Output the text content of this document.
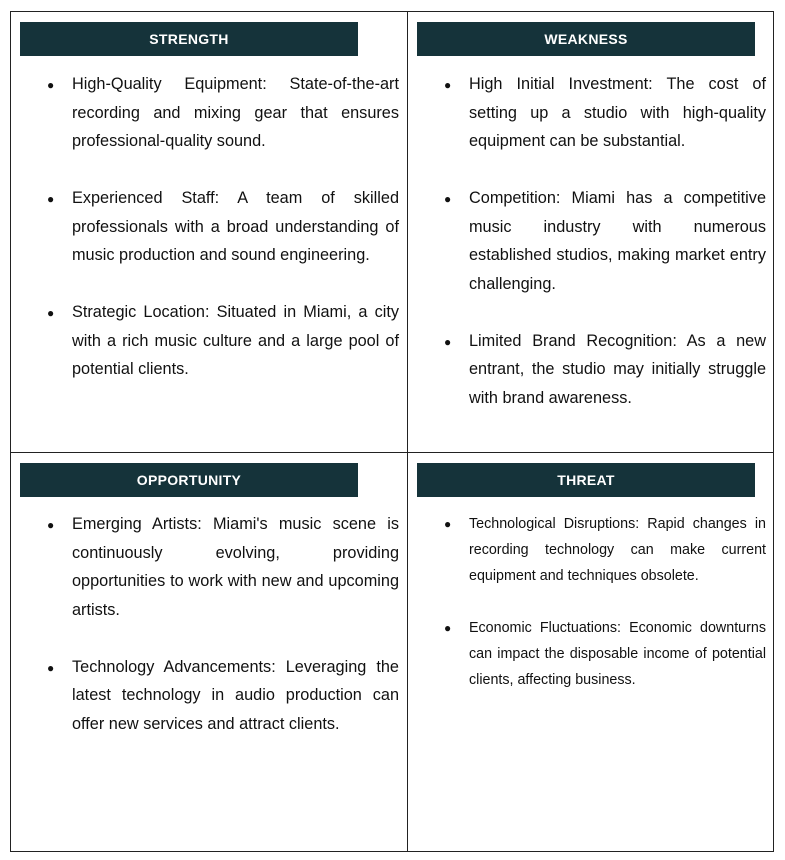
STRENGTH
● High-Quality Equipment: State-of-the-art recording and mixing gear that ensures professional-quality sound.
● Experienced Staff: A team of skilled professionals with a broad understanding of music production and sound engineering.
● Strategic Location: Situated in Miami, a city with a rich music culture and a large pool of potential clients.
WEAKNESS
● High Initial Investment: The cost of setting up a studio with high-quality equipment can be substantial.
● Competition: Miami has a competitive music industry with numerous established studios, making market entry challenging.
● Limited Brand Recognition: As a new entrant, the studio may initially struggle with brand awareness.
OPPORTUNITY
● Emerging Artists: Miami's music scene is continuously evolving, providing opportunities to work with new and upcoming artists.
● Technology Advancements: Leveraging the latest technology in audio production can offer new services and attract clients.
THREAT
● Technological Disruptions: Rapid changes in recording technology can make current equipment and techniques obsolete.
● Economic Fluctuations: Economic downturns can impact the disposable income of potential clients, affecting business.
